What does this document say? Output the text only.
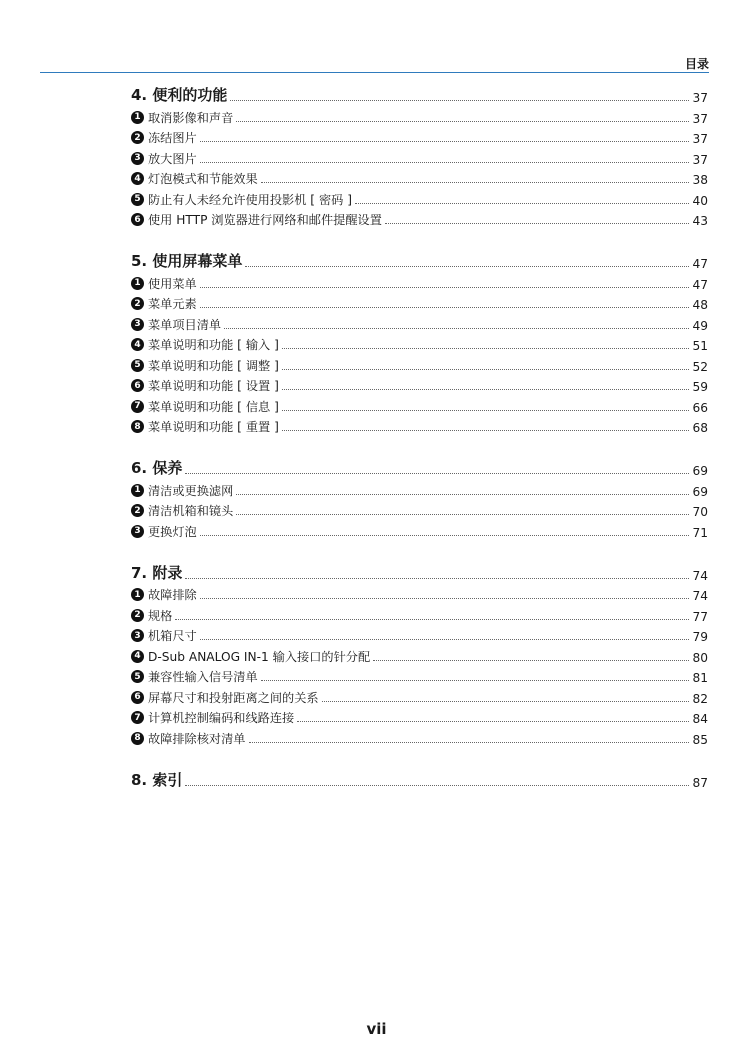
目录
4. 便利的功能	37
1 取消影像和声音	37
2 冻结图片	37
3 放大图片	37
4 灯泡模式和节能效果	38
5 防止有人未经允许使用投影机 [ 密码 ]	40
6 使用 HTTP 浏览器进行网络和邮件提醒设置	43
5. 使用屏幕菜单	47
1 使用菜单	47
2 菜单元素	48
3 菜单项目清单	49
4 菜单说明和功能 [ 输入 ]	51
5 菜单说明和功能 [ 调整 ]	52
6 菜单说明和功能 [ 设置 ]	59
7 菜单说明和功能 [ 信息 ]	66
8 菜单说明和功能 [ 重置 ]	68
6. 保养	69
1 清洁或更换滤网	69
2 清洁机箱和镜头	70
3 更换灯泡	71
7. 附录	74
1 故障排除	74
2 规格	77
3 机箱尺寸	79
4 D-Sub ANALOG IN-1 输入接口的针分配	80
5 兼容性输入信号清单	81
6 屏幕尺寸和投射距离之间的关系	82
7 计算机控制编码和线路连接	84
8 故障排除核对清单	85
8. 索引	87
vii
